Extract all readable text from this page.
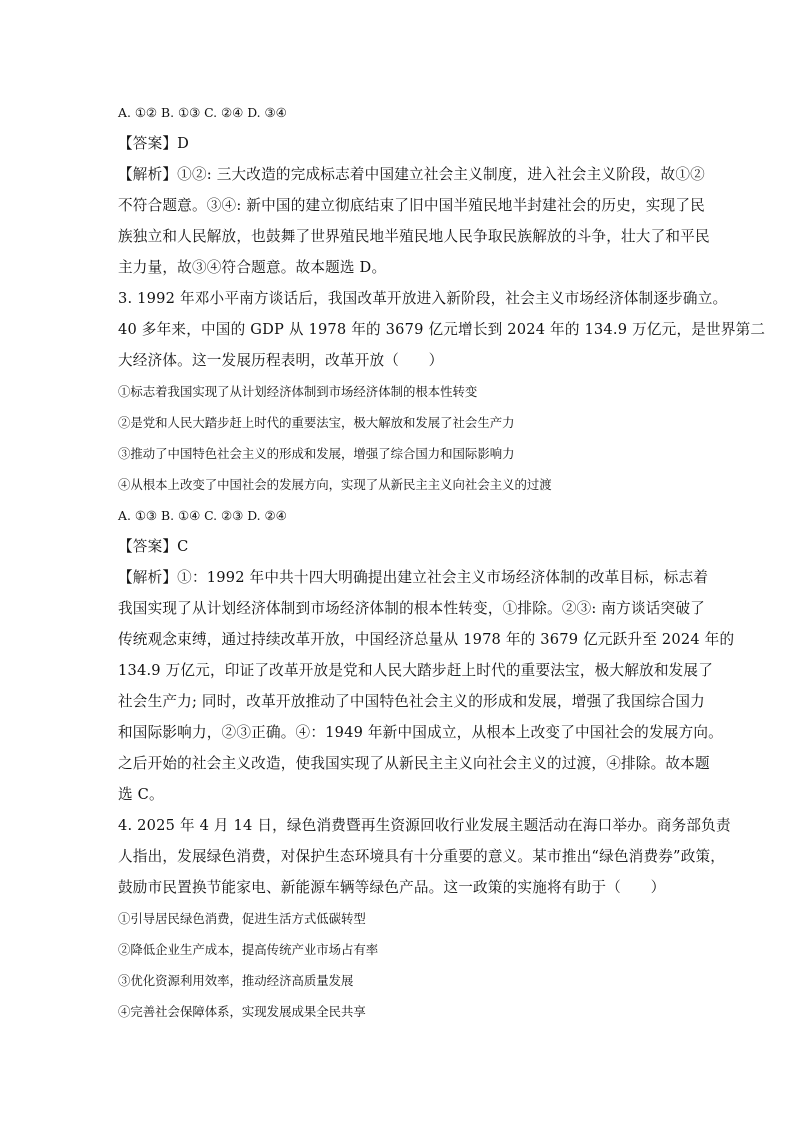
A. ①② B. ①③ C. ②④ D. ③④
【答案】D
【解析】①②: 三大改造的完成标志着中国建立社会主义制度，进入社会主义阶段，故①②
不符合题意。③④: 新中国的建立彻底结束了旧中国半殖民地半封建社会的历史，实现了民
族独立和人民解放，也鼓舞了世界殖民地半殖民地人民争取民族解放的斗争，壮大了和平民
主力量，故③④符合题意。故本题选 D。
3. 1992 年邓小平南方谈话后，我国改革开放进入新阶段，社会主义市场经济体制逐步确立。
40 多年来，中国的 GDP 从 1978 年的 3679 亿元增长到 2024 年的 134.9 万亿元，是世界第二
大经济体。这一发展历程表明，改革开放（　　）
①标志着我国实现了从计划经济体制到市场经济体制的根本性转变
②是党和人民大踏步赶上时代的重要法宝，极大解放和发展了社会生产力
③推动了中国特色社会主义的形成和发展，增强了综合国力和国际影响力
④从根本上改变了中国社会的发展方向，实现了从新民主主义向社会主义的过渡
A. ①③ B. ①④ C. ②③ D. ②④
【答案】C
【解析】①：1992 年中共十四大明确提出建立社会主义市场经济体制的改革目标，标志着
我国实现了从计划经济体制到市场经济体制的根本性转变，①排除。②③: 南方谈话突破了
传统观念束缚，通过持续改革开放，中国经济总量从 1978 年的 3679 亿元跃升至 2024 年的
134.9 万亿元，印证了改革开放是党和人民大踏步赶上时代的重要法宝，极大解放和发展了
社会生产力; 同时，改革开放推动了中国特色社会主义的形成和发展，增强了我国综合国力
和国际影响力，②③正确。④：1949 年新中国成立，从根本上改变了中国社会的发展方向。
之后开始的社会主义改造，使我国实现了从新民主主义向社会主义的过渡，④排除。故本题
选 C。
4. 2025 年 4 月 14 日，绿色消费暨再生资源回收行业发展主题活动在海口举办。商务部负责
人指出，发展绿色消费，对保护生态环境具有十分重要的意义。某市推出“绿色消费券”政策，
鼓励市民置换节能家电、新能源车辆等绿色产品。这一政策的实施将有助于（　　）
①引导居民绿色消费，促进生活方式低碳转型
②降低企业生产成本，提高传统产业市场占有率
③优化资源利用效率，推动经济高质量发展
④完善社会保障体系，实现发展成果全民共享
